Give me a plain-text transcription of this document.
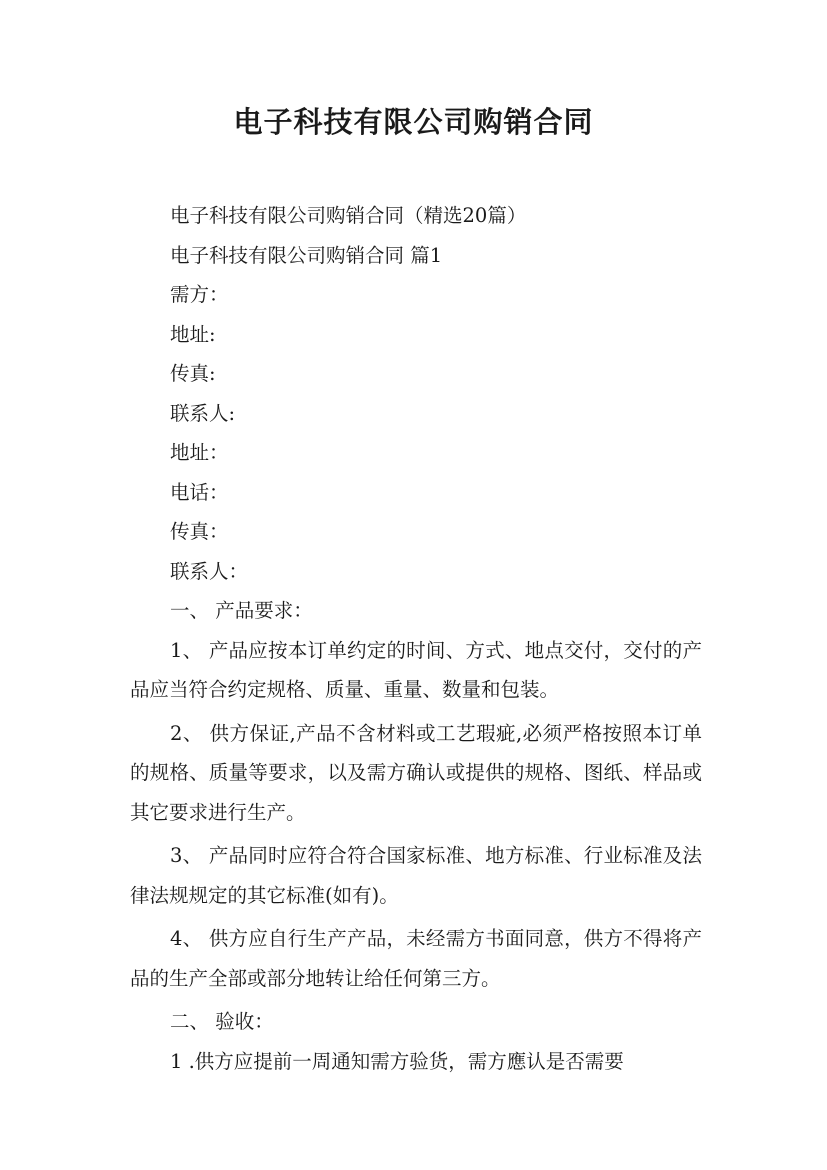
电子科技有限公司购销合同
电子科技有限公司购销合同（精选20篇）
电子科技有限公司购销合同 篇1
需方：
地址:
传真:
联系人:
地址：
电话：
传真：
联系人：
一、 产品要求：
1、 产品应按本订单约定的时间、方式、地点交付，交付的产品应当符合约定规格、质量、重量、数量和包装。
2、 供方保证,产品不含材料或工艺瑕疵,必须严格按照本订单的规格、质量等要求，以及需方确认或提供的规格、图纸、样品或其它要求进行生产。
3、 产品同时应符合符合国家标准、地方标准、行业标准及法律法规规定的其它标准(如有)。
4、 供方应自行生产产品，未经需方书面同意，供方不得将产品的生产全部或部分地转让给任何第三方。
二、 验收：
1 .供方应提前一周通知需方验货，需方應认是否需要
